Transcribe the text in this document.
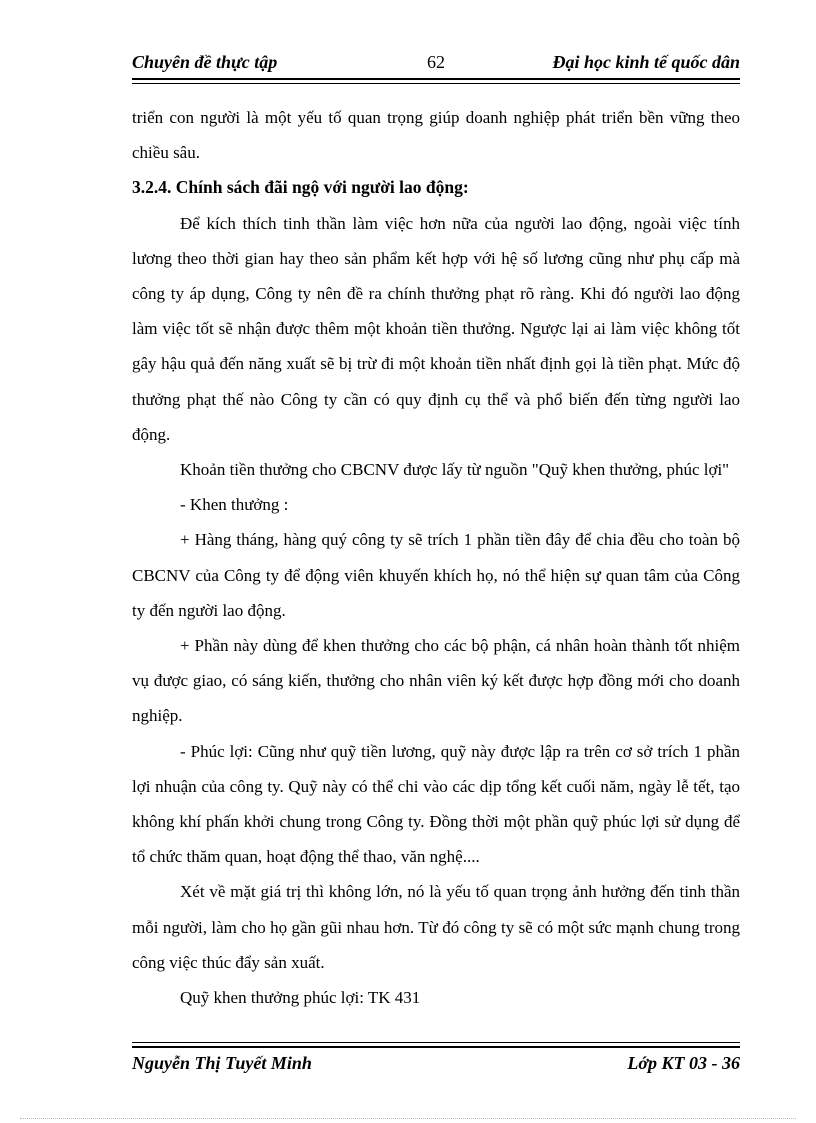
Chuyên đề thực tập	62	Đại học kinh tế quốc dân

triển con người là một yếu tố quan trọng giúp doanh nghiệp phát triển bền vững theo chiều sâu.

3.2.4. Chính sách đãi ngộ với người lao động:

Để kích thích tinh thần làm việc hơn nữa của người lao động, ngoài việc tính lương theo thời gian hay theo sản phẩm kết hợp với hệ số lương cũng như phụ cấp mà công ty áp dụng, Công ty nên đề ra chính thưởng phạt rõ ràng. Khi đó người lao động làm việc tốt sẽ nhận được thêm một khoản tiền thưởng. Ngược lại ai làm việc không tốt gây hậu quả đến năng xuất sẽ bị trừ đi một khoản tiền nhất định gọi là tiền phạt. Mức độ thưởng phạt thế nào Công ty cần có quy định cụ thể và phổ biến đến từng người lao động.

Khoản tiền thưởng cho CBCNV được lấy từ nguồn "Quỹ khen thưởng, phúc lợi"

- Khen thưởng :

+ Hàng tháng, hàng quý công ty sẽ trích 1 phần tiền đây để chia đều cho toàn bộ CBCNV của Công ty để động viên khuyến khích họ, nó thể hiện sự quan tâm của Công ty đến người lao động.

+ Phần này dùng để khen thưởng cho các bộ phận, cá nhân hoàn thành tốt nhiệm vụ được giao, có sáng kiến, thưởng cho nhân viên ký kết được hợp đồng mới cho doanh nghiệp.

- Phúc lợi: Cũng như quỹ tiền lương, quỹ này được lập ra trên cơ sở trích 1 phần lợi nhuận của công ty. Quỹ này có thể chi vào các dịp tổng kết cuối năm, ngày lễ tết, tạo không khí phấn khởi chung trong Công ty. Đồng thời một phần quỹ phúc lợi sử dụng để tổ chức thăm quan, hoạt động thể thao, văn nghệ....

Xét về mặt giá trị thì không lớn, nó là yếu tố quan trọng ảnh hưởng đến tinh thần mỗi người, làm cho họ gần gũi nhau hơn. Từ đó công ty sẽ có một sức mạnh chung trong công việc thúc đẩy sản xuất.

Quỹ khen thưởng phúc lợi: TK 431

Nguyễn Thị Tuyết Minh	Lớp KT 03 - 36
